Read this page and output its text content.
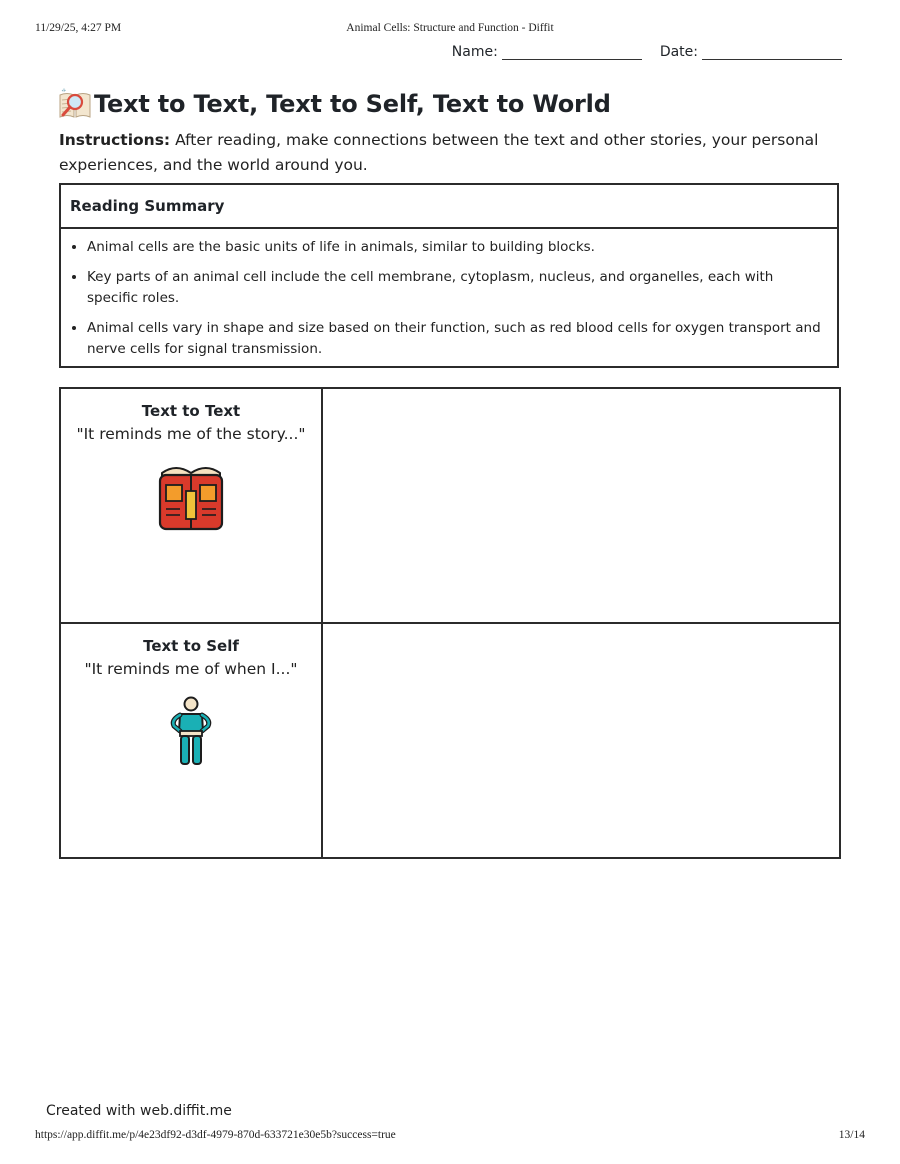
11/29/25, 4:27 PM	Animal Cells: Structure and Function - Diffit
Name:	Date:
Text to Text, Text to Self, Text to World
Instructions: After reading, make connections between the text and other stories, your personal experiences, and the world around you.
Reading Summary
• Animal cells are the basic units of life in animals, similar to building blocks.
• Key parts of an animal cell include the cell membrane, cytoplasm, nucleus, and organelles, each with specific roles.
• Animal cells vary in shape and size based on their function, such as red blood cells for oxygen transport and nerve cells for signal transmission.
Text to Text
"It reminds me of the story..."	

Text to Self
"It reminds me of when I..."	

Created with web.diffit.me
https://app.diffit.me/p/4e23df92-d3df-4979-870d-633721e30e5b?success=true	13/14
